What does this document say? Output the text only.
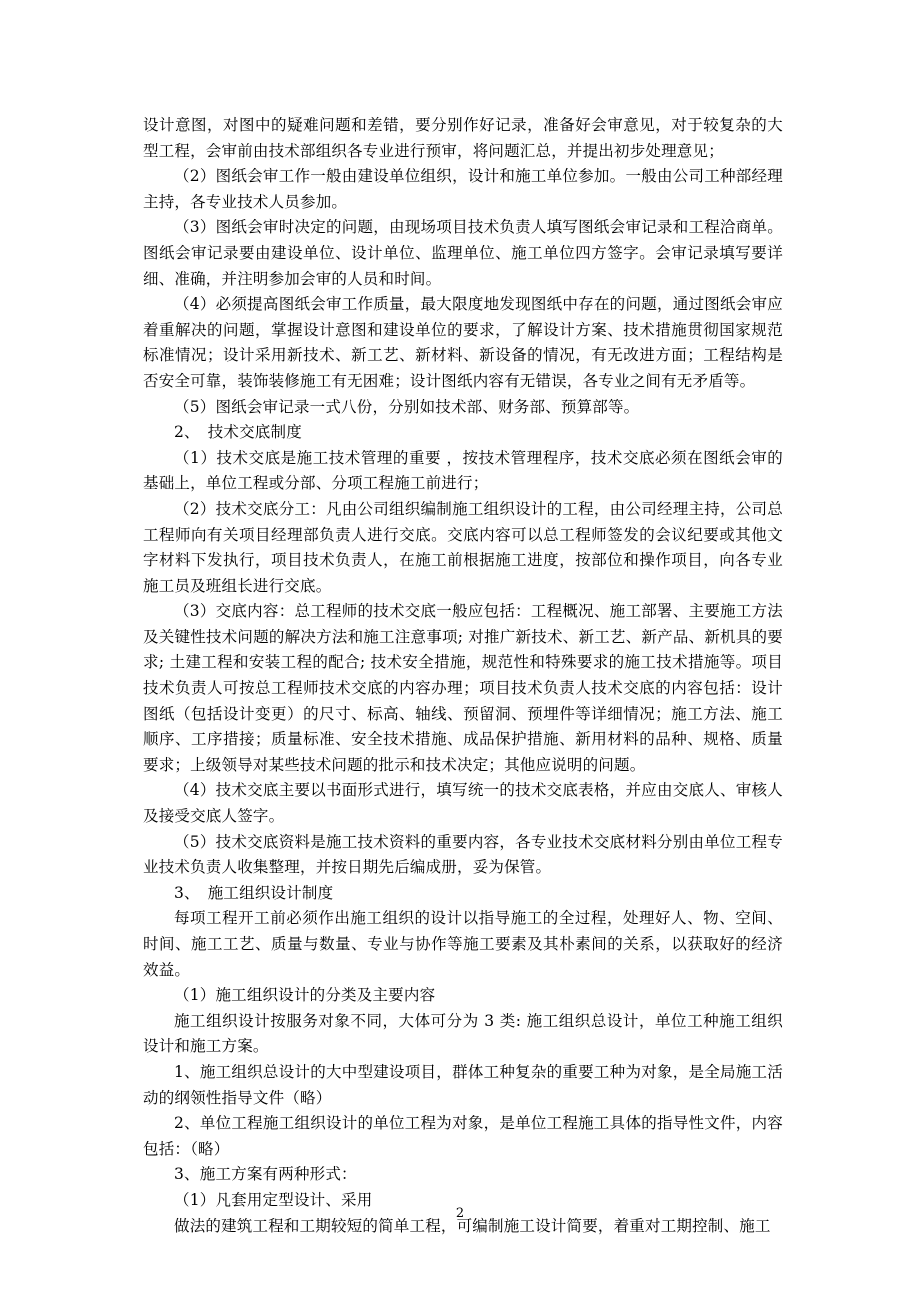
设计意图，对图中的疑难问题和差错，要分别作好记录，准备好会审意见，对于较复杂的大型工程，会审前由技术部组织各专业进行预审，将问题汇总，并提出初步处理意见；

（2）图纸会审工作一般由建设单位组织，设计和施工单位参加。一般由公司工种部经理主持，各专业技术人员参加。

（3）图纸会审时决定的问题，由现场项目技术负责人填写图纸会审记录和工程洽商单。图纸会审记录要由建设单位、设计单位、监理单位、施工单位四方签字。会审记录填写要详细、准确，并注明参加会审的人员和时间。

（4）必须提高图纸会审工作质量，最大限度地发现图纸中存在的问题，通过图纸会审应着重解决的问题，掌握设计意图和建设单位的要求，了解设计方案、技术措施贯彻国家规范标准情况；设计采用新技术、新工艺、新材料、新设备的情况，有无改进方面；工程结构是否安全可靠，装饰装修施工有无困难；设计图纸内容有无错误，各专业之间有无矛盾等。

（5）图纸会审记录一式八份，分别如技术部、财务部、预算部等。

2、　技术交底制度

（1）技术交底是施工技术管理的重要 ，按技术管理程序，技术交底必须在图纸会审的基础上，单位工程或分部、分项工程施工前进行；

（2）技术交底分工：凡由公司组织编制施工组织设计的工程，由公司经理主持，公司总工程师向有关项目经理部负责人进行交底。交底内容可以总工程师签发的会议纪要或其他文字材料下发执行，项目技术负责人，在施工前根据施工进度，按部位和操作项目，向各专业施工员及班组长进行交底。

（3）交底内容：总工程师的技术交底一般应包括：工程概况、施工部署、主要施工方法及关键性技术问题的解决方法和施工注意事项; 对推广新技术、新工艺、新产品、新机具的要求; 土建工程和安装工程的配合; 技术安全措施，规范性和特殊要求的施工技术措施等。项目技术负责人可按总工程师技术交底的内容办理；项目技术负责人技术交底的内容包括：设计图纸（包括设计变更）的尺寸、标高、轴线、预留洞、预埋件等详细情况；施工方法、施工顺序、工序措接；质量标准、安全技术措施、成品保护措施、新用材料的品种、规格、质量要求；上级领导对某些技术问题的批示和技术决定；其他应说明的问题。

（4）技术交底主要以书面形式进行，填写统一的技术交底表格，并应由交底人、审核人及接受交底人签字。

（5）技术交底资料是施工技术资料的重要内容，各专业技术交底材料分别由单位工程专业技术负责人收集整理，并按日期先后编成册，妥为保管。

3、　施工组织设计制度

每项工程开工前必须作出施工组织的设计以指导施工的全过程，处理好人、物、空间、时间、施工工艺、质量与数量、专业与协作等施工要素及其朴素间的关系，以获取好的经济效益。

（1）施工组织设计的分类及主要内容

施工组织设计按服务对象不同，大体可分为 3 类: 施工组织总设计，单位工种施工组织设计和施工方案。

1、施工组织总设计的大中型建设项目，群体工种复杂的重要工种为对象，是全局施工活动的纲领性指导文件（略）

2、单位工程施工组织设计的单位工程为对象，是单位工程施工具体的指导性文件，内容包括：（略）

3、施工方案有两种形式：

（1）凡套用定型设计、采用

做法的建筑工程和工期较短的简单工程，可编制施工设计简要，着重对工期控制、施工

2
